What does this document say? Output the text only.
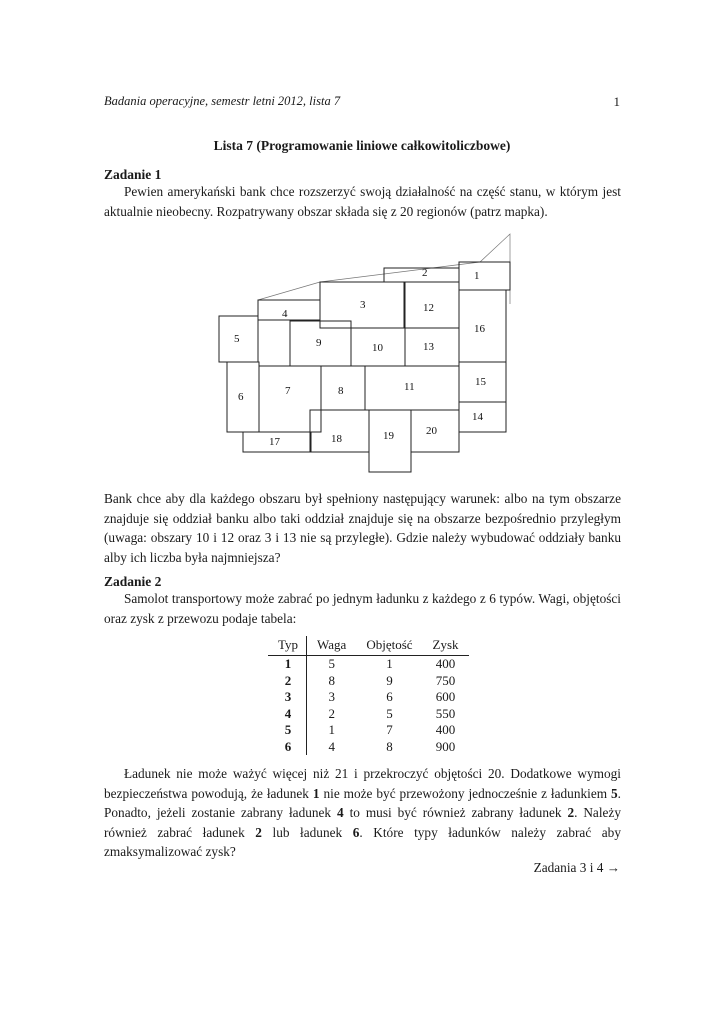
Badania operacyjne, semestr letni 2012, lista 7	1
Lista 7 (Programowanie liniowe całkowitoliczbowe)
Zadanie 1
Pewien amerykański bank chce rozszerzyć swoją działalność na część stanu, w którym jest aktualnie nieobecny. Rozpatrywany obszar składa się z 20 regionów (patrz mapka).
1
2
3
4
5
6	7	8
9	10
11
12
13
14
15
16
17	18	19	20
Bank chce aby dla każdego obszaru był spełniony następujący warunek: albo na tym obszarze znajduje się oddział banku albo taki oddział znajduje się na obszarze bezpośrednio przyległym (uwaga: obszary 10 i 12 oraz 3 i 13 nie są przyległe). Gdzie należy wybudować oddziały banku alby ich liczba była najmniejsza?
Zadanie 2
Samolot transportowy może zabrać po jednym ładunku z każdego z 6 typów. Wagi, objętości oraz zysk z przewozu podaje tabela:
Typ	Waga	Objętość	Zysk
1	5	1	400
2	8	9	750
3	3	6	600
4	2	5	550
5	1	7	400
6	4	8	900
Ładunek nie może ważyć więcej niż 21 i przekroczyć objętości 20. Dodatkowe wymogi bezpieczeństwa powodują, że ładunek 1 nie może być przewożony jednocześnie z ładunkiem 5. Ponadto, jeżeli zostanie zabrany ładunek 4 to musi być również zabrany ładunek 2. Należy również zabrać ładunek 2 lub ładunek 6. Które typy ładunków należy zabrać aby zmaksymalizować zysk?
Zadania 3 i 4 →
